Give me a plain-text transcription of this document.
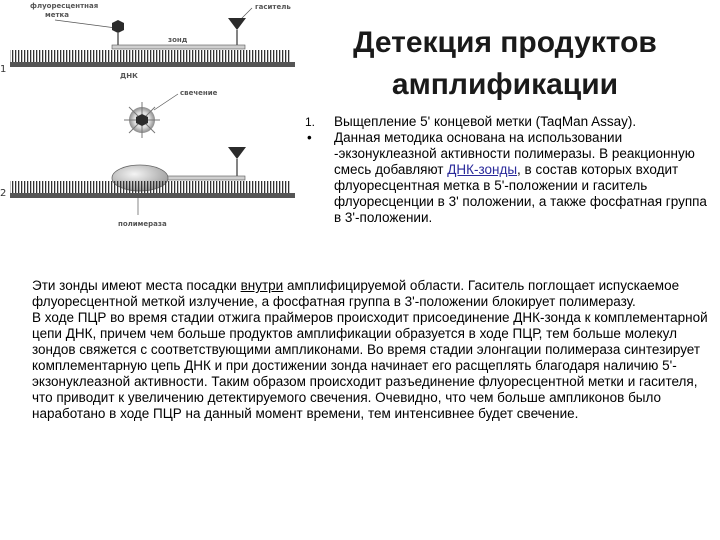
флуоресцентная
метка
гаситель
зонд
ДНК
1
свечение
полимераза
2
Детекция продуктов
амплификации
1.	Выщепление 5' концевой метки (TaqMan Assay).
•	Данная методика основана на использовании -экзонуклеазной активности полимеразы. В реакционную смесь добавляют ДНК-зонды, в состав которых входит флуоресцентная метка в 5'-положении и гаситель флуоресценции в 3' положении, а также фосфатная группа в 3'-положении.

Эти зонды имеют места посадки внутри амплифицируемой области. Гаситель поглощает испускаемое флуоресцентной меткой излучение, а фосфатная группа в 3'-положении блокирует полимеразу.

В ходе ПЦР во время стадии отжига праймеров происходит присоединение ДНК-зонда к комплементарной цепи ДНК, причем чем больше продуктов амплификации образуется в ходе ПЦР, тем больше молекул зондов свяжется с соответствующими ампликонами. Во время стадии элонгации полимераза синтезирует комплементарную цепь ДНК и при достижении зонда начинает его расщеплять благодаря наличию 5'-экзонуклеазной активности. Таким образом происходит разъединение флуоресцентной метки и гасителя, что приводит к увеличению детектируемого свечения. Очевидно, что чем больше ампликонов было наработано в ходе ПЦР на данный момент времени, тем интенсивнее будет свечение.
